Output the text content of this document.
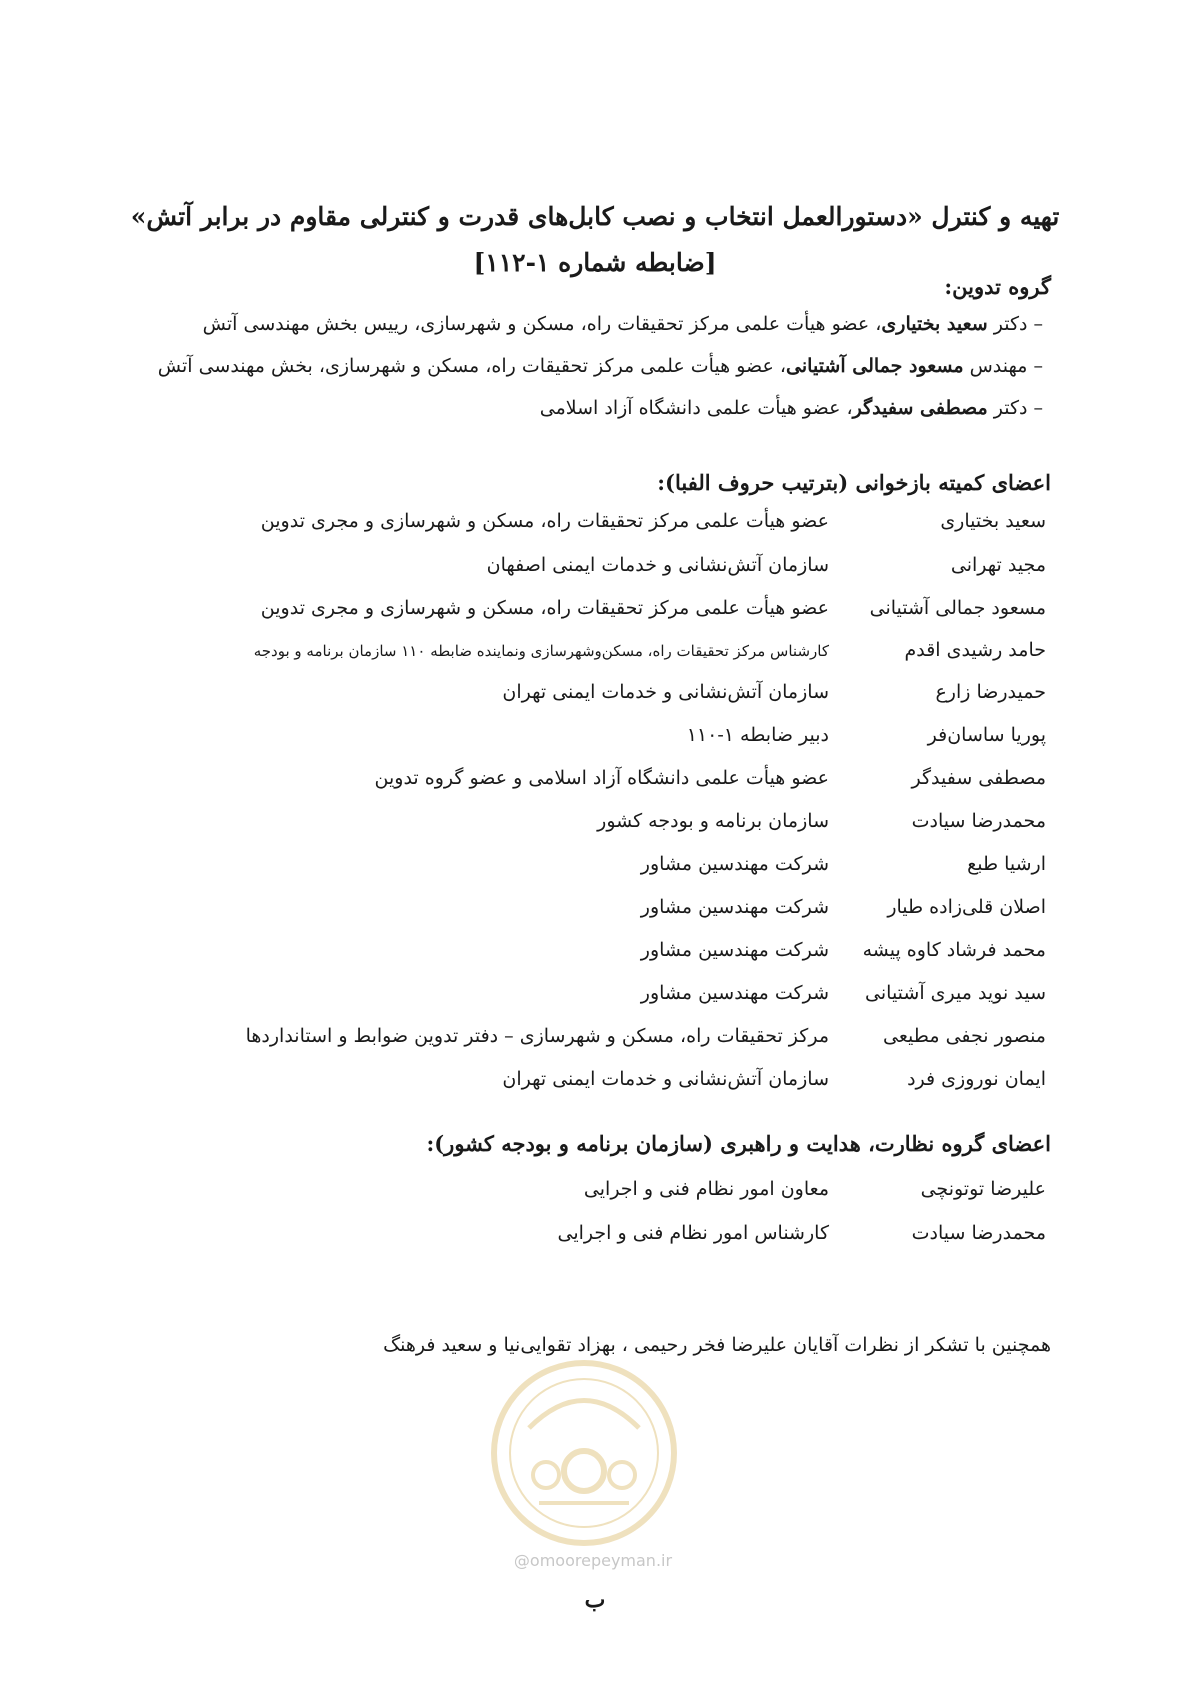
تهیه و کنترل «دستورالعمل انتخاب و نصب کابل‌های قدرت و کنترلی مقاوم در برابر آتش»
[ضابطه شماره ۱-۱۱۲]
گروه تدوین:
– دکتر سعید بختیاری، عضو هیأت علمی مرکز تحقیقات راه، مسکن و شهرسازی، رییس بخش مهندسی آتش
– مهندس مسعود جمالی آشتیانی، عضو هیأت علمی مرکز تحقیقات راه، مسکن و شهرسازی، بخش مهندسی آتش
– دکتر مصطفی سفیدگر، عضو هیأت علمی دانشگاه آزاد اسلامی
اعضای کمیته بازخوانی (بترتیب حروف الفبا):
سعید بختیاری
عضو هیأت علمی مرکز تحقیقات راه، مسکن و شهرسازی و مجری تدوین
مجید تهرانی
سازمان آتش‌نشانی و خدمات ایمنی اصفهان
مسعود جمالی آشتیانی
عضو هیأت علمی مرکز تحقیقات راه، مسکن و شهرسازی و مجری تدوین
حامد رشیدی اقدم
کارشناس مرکز تحقیقات راه، مسکن‌وشهرسازی ونماینده ضابطه ۱۱۰ سازمان برنامه و بودجه
حمیدرضا زارع
سازمان آتش‌نشانی و خدمات ایمنی تهران
پوریا ساسان‌فر
دبیر ضابطه ۱-۱۱۰
مصطفی سفیدگر
عضو هیأت علمی دانشگاه آزاد اسلامی و عضو گروه تدوین
محمدرضا سیادت
سازمان برنامه و بودجه کشور
ارشیا طبع
شرکت مهندسین مشاور
اصلان قلی‌زاده طیار
شرکت مهندسین مشاور
محمد فرشاد کاوه پیشه
شرکت مهندسین مشاور
سید نوید میری آشتیانی
شرکت مهندسین مشاور
منصور نجفی مطیعی
مرکز تحقیقات راه، مسکن و شهرسازی – دفتر تدوین ضوابط و استانداردها
ایمان نوروزی فرد
سازمان آتش‌نشانی و خدمات ایمنی تهران
اعضای گروه نظارت، هدایت و راهبری (سازمان برنامه و بودجه کشور):
علیرضا توتونچی
معاون امور نظام فنی و اجرایی
محمدرضا سیادت
کارشناس امور نظام فنی و اجرایی
همچنین با تشکر از نظرات آقایان علیرضا فخر رحیمی ، بهزاد تقوایی‌نیا و سعید فرهنگ
@omoorepeyman.ir
ب
